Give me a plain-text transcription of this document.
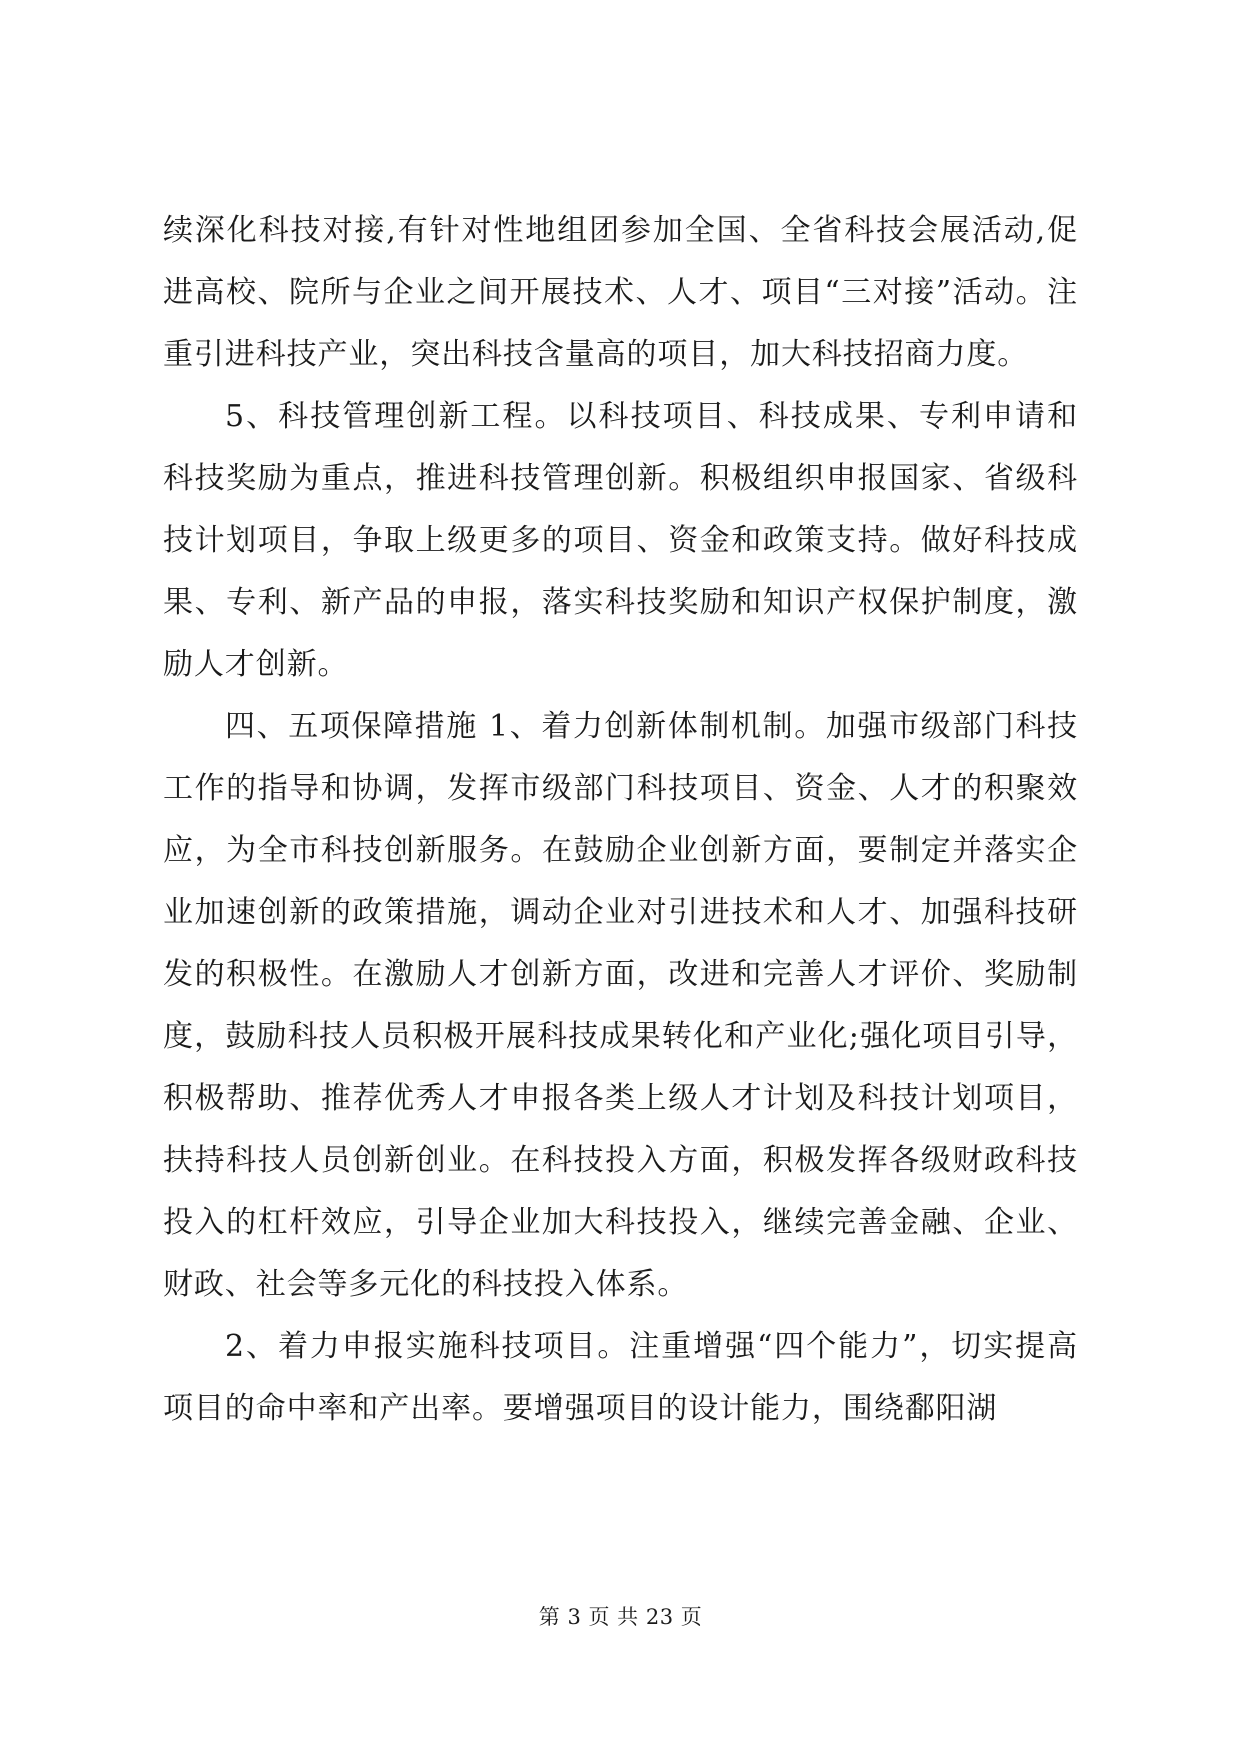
续深化科技对接,有针对性地组团参加全国、全省科技会展活动,促进高校、院所与企业之间开展技术、人才、项目“三对接”活动。注重引进科技产业，突出科技含量高的项目，加大科技招商力度。

5、科技管理创新工程。以科技项目、科技成果、专利申请和科技奖励为重点，推进科技管理创新。积极组织申报国家、省级科技计划项目，争取上级更多的项目、资金和政策支持。做好科技成果、专利、新产品的申报，落实科技奖励和知识产权保护制度，激励人才创新。

四、五项保障措施 1、着力创新体制机制。加强市级部门科技工作的指导和协调，发挥市级部门科技项目、资金、人才的积聚效应，为全市科技创新服务。在鼓励企业创新方面，要制定并落实企业加速创新的政策措施，调动企业对引进技术和人才、加强科技研发的积极性。在激励人才创新方面，改进和完善人才评价、奖励制度，鼓励科技人员积极开展科技成果转化和产业化;强化项目引导，积极帮助、推荐优秀人才申报各类上级人才计划及科技计划项目，扶持科技人员创新创业。在科技投入方面，积极发挥各级财政科技投入的杠杆效应，引导企业加大科技投入，继续完善金融、企业、财政、社会等多元化的科技投入体系。

2、着力申报实施科技项目。注重增强“四个能力”，切实提高项目的命中率和产出率。要增强项目的设计能力，围绕鄱阳湖

第 3 页 共 23 页
